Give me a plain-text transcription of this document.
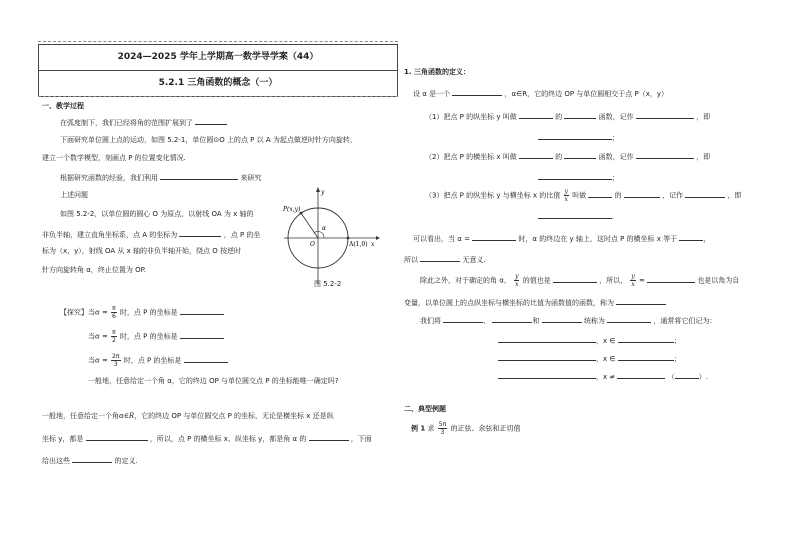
2024—2025 学年上学期高一数学导学案（44）
5.2.1 三角函数的概念（一）
一、教学过程
在弧度制下，我们已经将角的范围扩展到了
下面研究单位圆上点的运动，如图 5.2-1，单位圆⊙O 上的点 P 以 A 为起点做逆时针方向旋转，
建立一个数学模型，刻画点 P 的位置变化情况.
根据研究函数的经验，我们利用	来研究
上述问题
如图 5.2-2，以单位圆的圆心 O 为原点，以射线 OA 为 x 轴的
非负半轴，建立直角坐标系，点 A 的坐标为	，点 P 的坐
标为（x，y），射线 OA 从 x 轴的非负半轴开始，绕点 O 按逆时
针方向旋转角 α，终止位置为 OP.
P(x,y)
A(1,0)
O
α
x
y
图 5.2-2
【探究】当$\alpha = \frac{\pi}{6}$ 时，点 P 的坐标是
当$\alpha = \frac{\pi}{2}$ 时，点 P 的坐标是
当$\alpha = \frac{2\pi}{3}$ 时，点 P 的坐标是
一般地，任意给定一个角 α，它的终边 OP 与单位圆交点 P 的坐标能唯一确定吗?
一般地，任意给定一个角α∈R，它的终边 OP 与单位圆交点 P 的坐标，无论是横坐标 x 还是纵
坐标 y，都是	，所以，点 P 的横坐标 x、纵坐标 y，都是角 α 的	，下面
给出这些	的定义.
1. 三角函数的定义：
设 α 是一个	，α∈R，它的终边 OP 与单位圆相交于点 P（x，y）
（1）把点 P 的纵坐标 y 叫做	的	函数，记作	，即
；
（2）把点 P 的横坐标 x 叫做	的	函数，记作	，即
；
（3）把点 P 的纵坐标 y 与横坐标 x 的比值 $\frac{y}{x}$ 叫做	的	，记作	，即
.
可以看出，当 α =	时，α 的终边在 y 轴上，这时点 P 的横坐标 x 等于	，
所以	无意义.
除此之外，对于确定的角 α， $\frac{y}{x}$ 的值也是	，所以， $\frac{y}{x}$ =	也是以角为自
变量，以单位圆上的点纵坐标与横坐标的比值为函数值的函数，称为
我们将	、	和	统称为	，通常将它们记为：
，x ∈	；
，x ∈	；
，x ≠	（	）.
二、典型例题
例 1 求 $\frac{5\pi}{3}$ 的正弦、余弦和正切值
